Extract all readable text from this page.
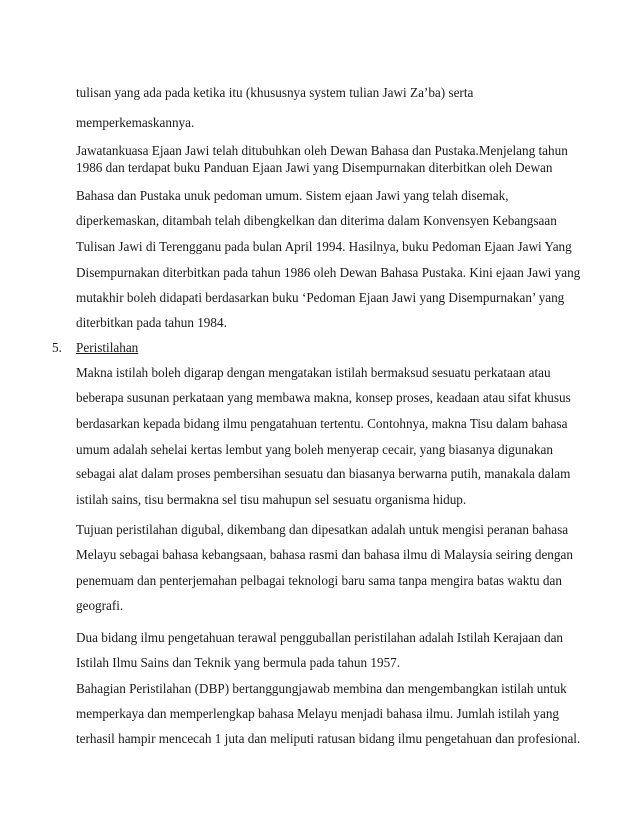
tulisan yang ada pada ketika itu (khususnya system tulian Jawi Za’ba) serta
memperkemaskannya.
Jawatankuasa Ejaan Jawi telah ditubuhkan oleh Dewan Bahasa dan Pustaka.Menjelang tahun
1986 dan terdapat buku Panduan Ejaan Jawi yang Disempurnakan diterbitkan oleh Dewan
Bahasa dan Pustaka unuk pedoman umum. Sistem ejaan Jawi yang telah disemak,
diperkemaskan, ditambah telah dibengkelkan dan diterima dalam Konvensyen Kebangsaan
Tulisan Jawi di Terengganu pada bulan April 1994. Hasilnya, buku Pedoman Ejaan Jawi Yang
Disempurnakan diterbitkan pada tahun 1986 oleh Dewan Bahasa Pustaka. Kini ejaan Jawi yang
mutakhir boleh didapati berdasarkan buku ‘Pedoman Ejaan Jawi yang Disempurnakan’ yang
diterbitkan pada tahun 1984.
5. Peristilahan
Makna istilah boleh digarap dengan mengatakan istilah bermaksud sesuatu perkataan atau
beberapa susunan perkataan yang membawa makna, konsep proses, keadaan atau sifat khusus
berdasarkan kepada bidang ilmu pengatahuan tertentu. Contohnya, makna Tisu dalam bahasa
umum adalah sehelai kertas lembut yang boleh menyerap cecair, yang biasanya digunakan
sebagai alat dalam proses pembersihan sesuatu dan biasanya berwarna putih, manakala dalam
istilah sains, tisu bermakna sel tisu mahupun sel sesuatu organisma hidup.
Tujuan peristilahan digubal, dikembang dan dipesatkan adalah untuk mengisi peranan bahasa
Melayu sebagai bahasa kebangsaan, bahasa rasmi dan bahasa ilmu di Malaysia seiring dengan
penemuam dan penterjemahan pelbagai teknologi baru sama tanpa mengira batas waktu dan
geografi.
Dua bidang ilmu pengetahuan terawal pengguballan peristilahan adalah Istilah Kerajaan dan
Istilah Ilmu Sains dan Teknik yang bermula pada tahun 1957.
Bahagian Peristilahan (DBP) bertanggungjawab membina dan mengembangkan istilah untuk
memperkaya dan memperlengkap bahasa Melayu menjadi bahasa ilmu. Jumlah istilah yang
terhasil hampir mencecah 1 juta dan meliputi ratusan bidang ilmu pengetahuan dan profesional.
